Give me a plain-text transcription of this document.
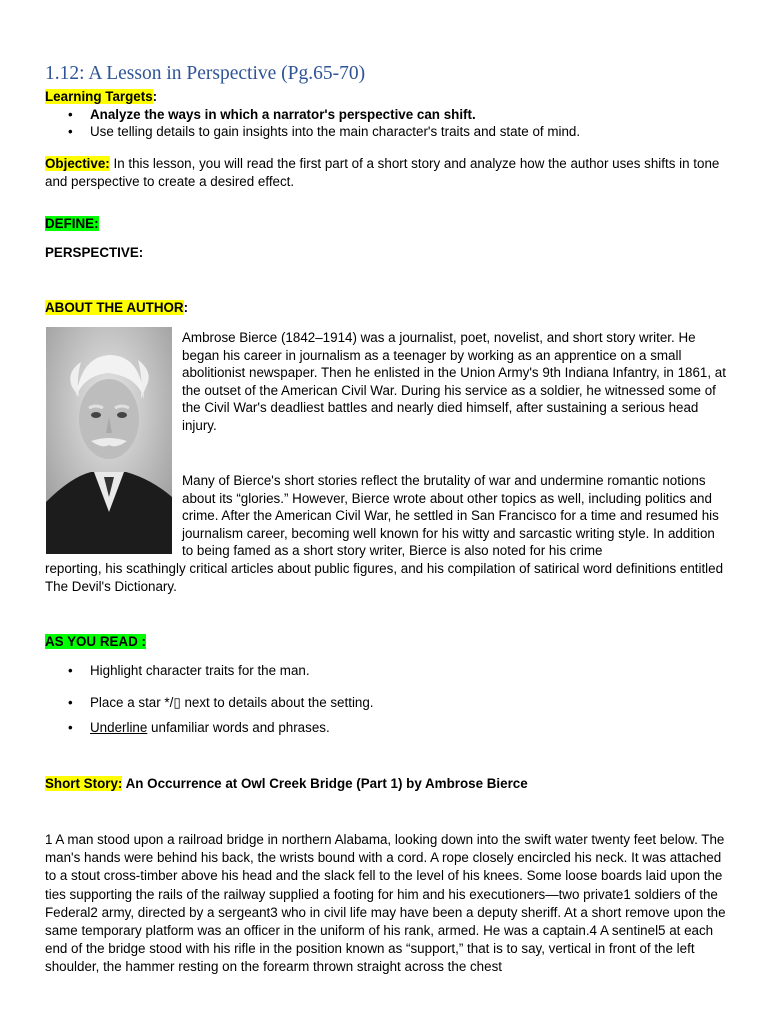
1.12: A Lesson in Perspective (Pg.65-70)
Learning Targets:
• Analyze the ways in which a narrator's perspective can shift.
• Use telling details to gain insights into the main character's traits and state of mind.
Objective: In this lesson, you will read the first part of a short story and analyze how the author uses shifts in tone and perspective to create a desired effect.
DEFINE:
PERSPECTIVE:
ABOUT THE AUTHOR:
Ambrose Bierce (1842–1914) was a journalist, poet, novelist, and short story writer. He began his career in journalism as a teenager by working as an apprentice on a small abolitionist newspaper. Then he enlisted in the Union Army's 9th Indiana Infantry, in 1861, at the outset of the American Civil War. During his service as a soldier, he witnessed some of the Civil War's deadliest battles and nearly died himself, after sustaining a serious head injury.
Many of Bierce's short stories reflect the brutality of war and undermine romantic notions about its “glories.” However, Bierce wrote about other topics as well, including politics and crime. After the American Civil War, he settled in San Francisco for a time and resumed his journalism career, becoming well known for his witty and sarcastic writing style. In addition to being famed as a short story writer, Bierce is also noted for his crime
reporting, his scathingly critical articles about public figures, and his compilation of satirical word definitions entitled The Devil's Dictionary.
AS YOU READ :
• Highlight character traits for the man.
• Place a star */▯ next to details about the setting.
• Underline unfamiliar words and phrases.
Short Story: An Occurrence at Owl Creek Bridge (Part 1) by Ambrose Bierce
1 A man stood upon a railroad bridge in northern Alabama, looking down into the swift water twenty feet below. The man's hands were behind his back, the wrists bound with a cord. A rope closely encircled his neck. It was attached to a stout cross-timber above his head and the slack fell to the level of his knees. Some loose boards laid upon the ties supporting the rails of the railway supplied a footing for him and his executioners—two private1 soldiers of the Federal2 army, directed by a sergeant3 who in civil life may have been a deputy sheriff. At a short remove upon the same temporary platform was an officer in the uniform of his rank, armed. He was a captain.4 A sentinel5 at each end of the bridge stood with his rifle in the position known as “support,” that is to say, vertical in front of the left shoulder, the hammer resting on the forearm thrown straight across the chest
